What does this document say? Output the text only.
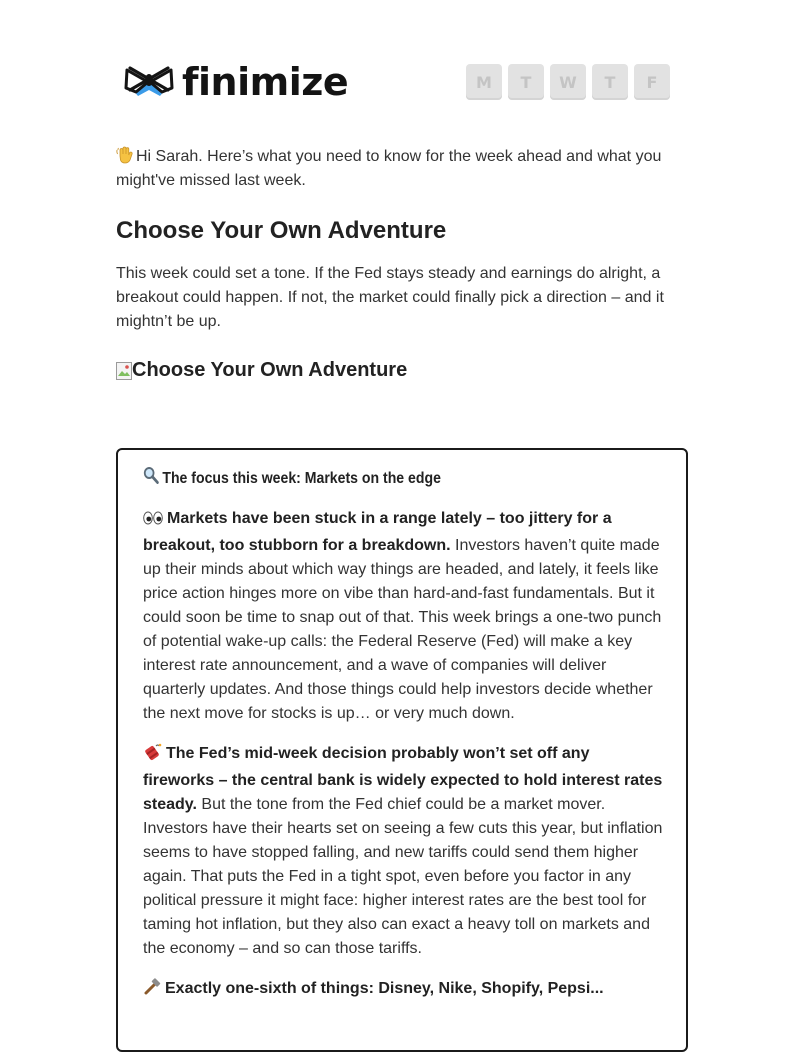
finimize	M	T	W	T	F
Hi Sarah. Here’s what you need to know for the week ahead and what you might've missed last week.
Choose Your Own Adventure
This week could set a tone. If the Fed stays steady and earnings do alright, a breakout could happen. If not, the market could finally pick a direction – and it mightn’t be up.
Choose Your Own Adventure
The focus this week: Markets on the edge

Markets have been stuck in a range lately – too jittery for a breakout, too stubborn for a breakdown. Investors haven’t quite made up their minds about which way things are headed, and lately, it feels like price action hinges more on vibe than hard-and-fast fundamentals. But it could soon be time to snap out of that. This week brings a one-two punch of potential wake-up calls: the Federal Reserve (Fed) will make a key interest rate announcement, and a wave of companies will deliver quarterly updates. And those things could help investors decide whether the next move for stocks is up… or very much down.

The Fed’s mid-week decision probably won’t set off any fireworks – the central bank is widely expected to hold interest rates steady. But the tone from the Fed chief could be a market mover. Investors have their hearts set on seeing a few cuts this year, but inflation seems to have stopped falling, and new tariffs could send them higher again. That puts the Fed in a tight spot, even before you factor in any political pressure it might face: higher interest rates are the best tool for taming hot inflation, but they also can exact a heavy toll on markets and the economy – and so can those tariffs.

Exactly one-sixth of things: Disney, Nike, Shopify, Pepsi...
